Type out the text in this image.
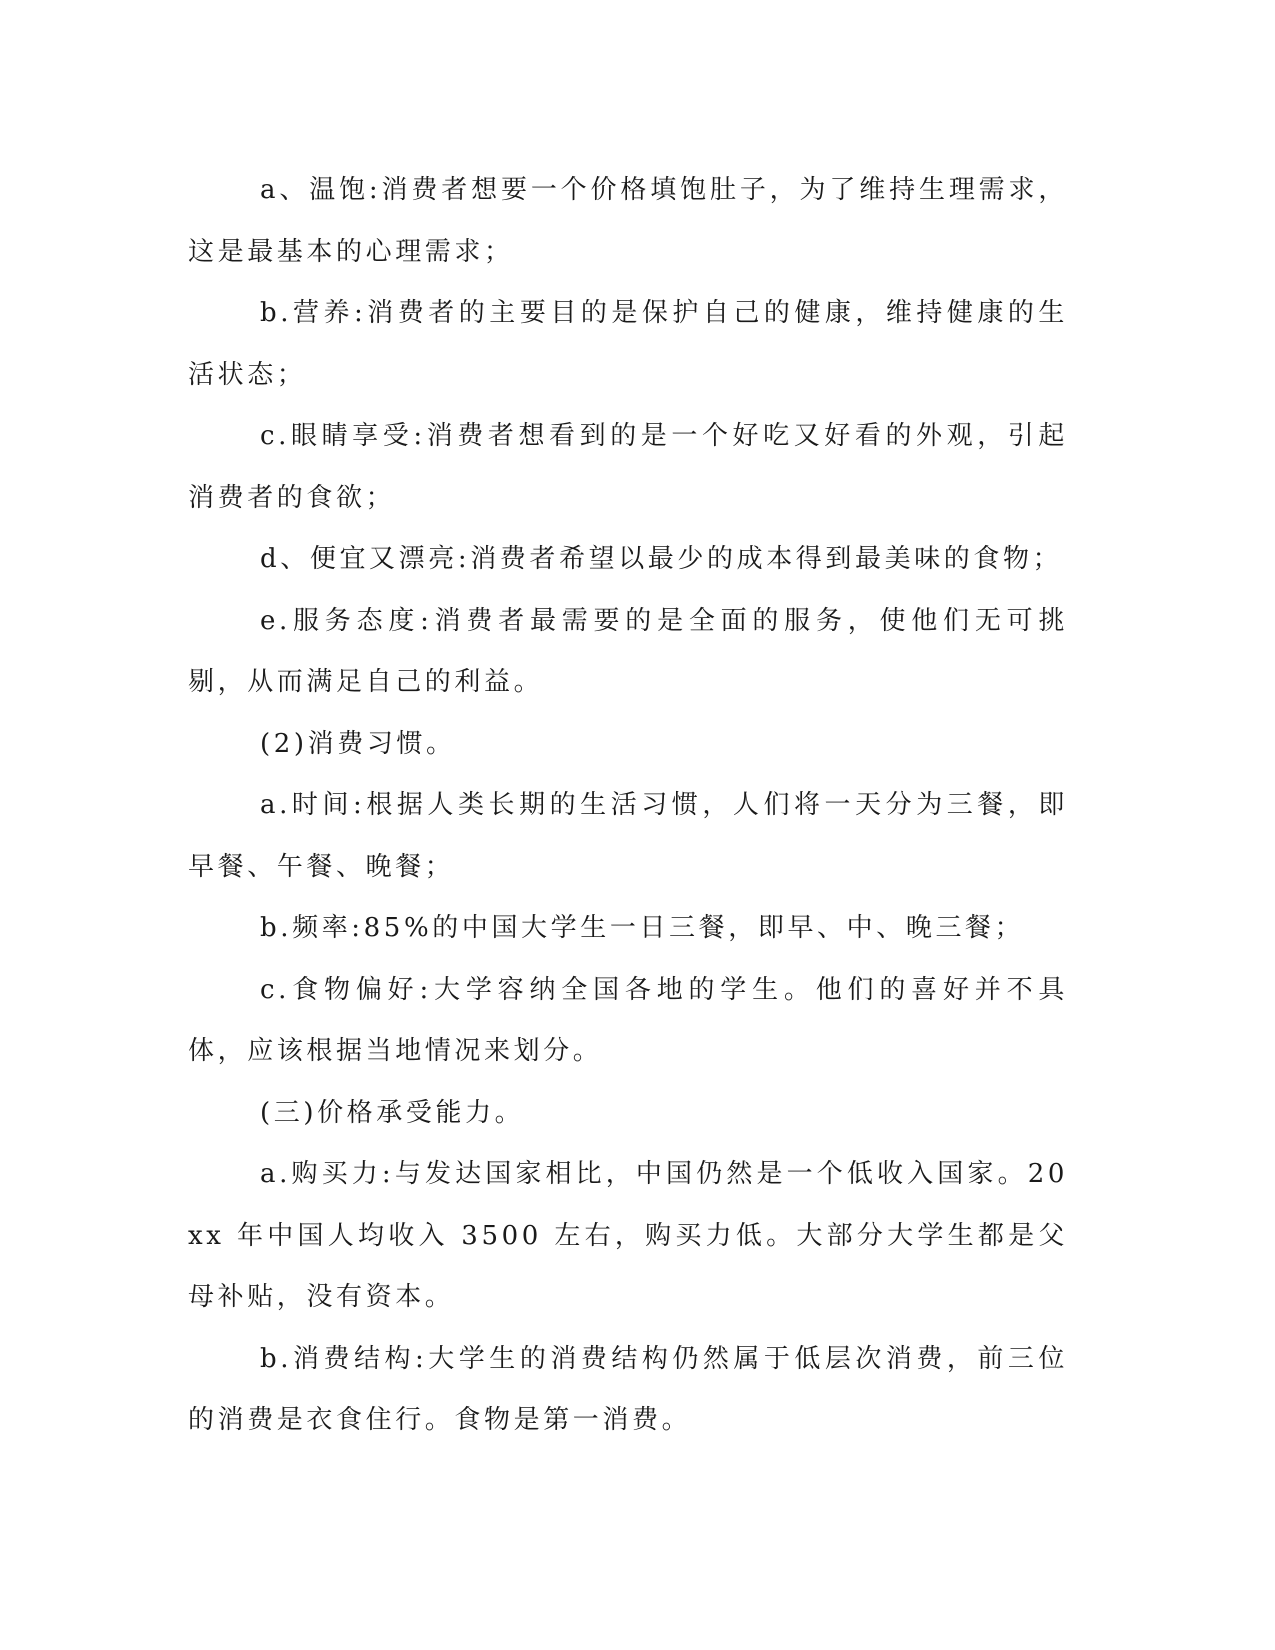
a、温饱:消费者想要一个价格填饱肚子，为了维持生理需求，这是最基本的心理需求；

b.营养:消费者的主要目的是保护自己的健康，维持健康的生活状态；

c.眼睛享受:消费者想看到的是一个好吃又好看的外观，引起消费者的食欲；

d、便宜又漂亮:消费者希望以最少的成本得到最美味的食物；

e.服务态度:消费者最需要的是全面的服务，使他们无可挑剔，从而满足自己的利益。

(2)消费习惯。

a.时间:根据人类长期的生活习惯，人们将一天分为三餐，即早餐、午餐、晚餐；

b.频率:85%的中国大学生一日三餐，即早、中、晚三餐；

c.食物偏好:大学容纳全国各地的学生。他们的喜好并不具体，应该根据当地情况来划分。

(三)价格承受能力。

a.购买力:与发达国家相比，中国仍然是一个低收入国家。20xx 年中国人均收入 3500 左右，购买力低。大部分大学生都是父母补贴，没有资本。

b.消费结构:大学生的消费结构仍然属于低层次消费，前三位的消费是衣食住行。食物是第一消费。
